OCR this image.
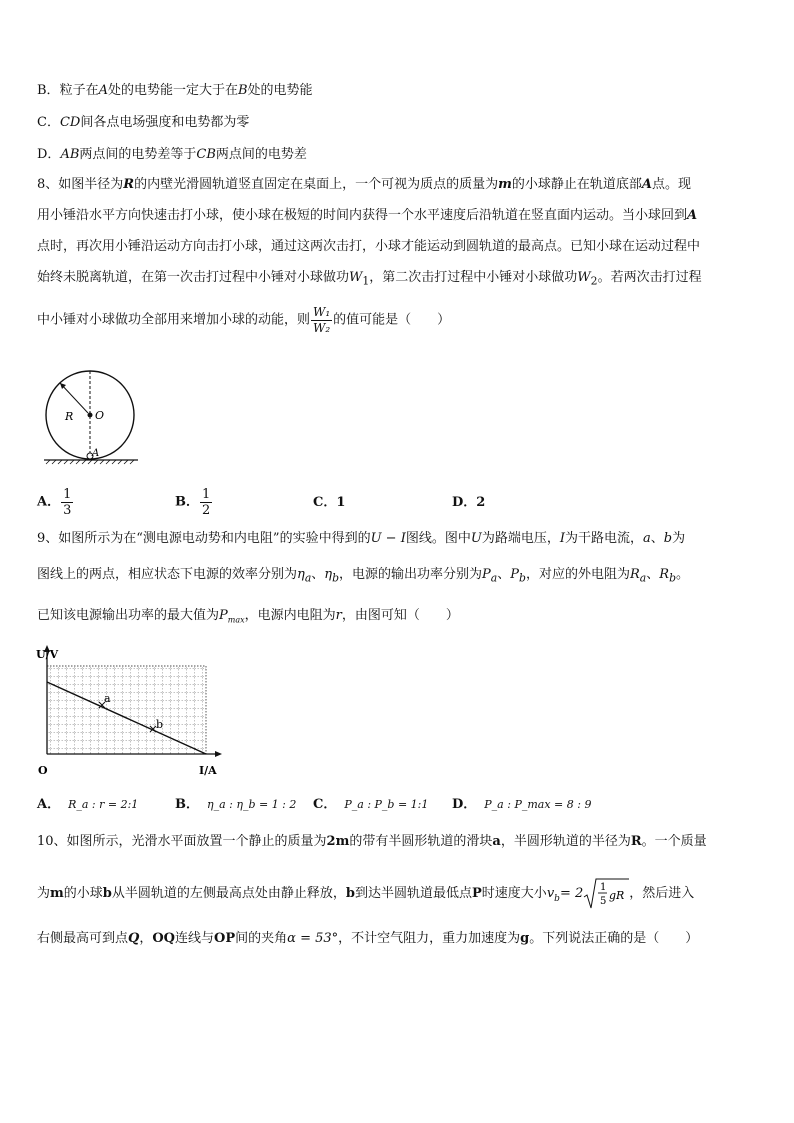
B．粒子在A处的电势能一定大于在B处的电势能
C．CD间各点电场强度和电势都为零
D．AB两点间的电势差等于CB两点间的电势差
8、如图半径为R的内壁光滑圆轨道竖直固定在桌面上，一个可视为质点的质量为m的小球静止在轨道底部A点。现
用小锤沿水平方向快速击打小球，使小球在极短的时间内获得一个水平速度后沿轨道在竖直面内运动。当小球回到A
点时，再次用小锤沿运动方向击打小球，通过这两次击打，小球才能运动到圆轨道的最高点。已知小球在运动过程中
始终未脱离轨道，在第一次击打过程中小锤对小球做功$W_1$，第二次击打过程中小锤对小球做功$W_2$。若两次击打过程
中小锤对小球做功全部用来增加小球的动能，则 $\frac{\text{W₁}}{\text{W₂}}$ 的值可能是（　　）
R O
A
A． $\frac{1}{3}$	B． $\frac{1}{2}$	C．1	D．2
9、如图所示为在“测电源电动势和内电阻”的实验中得到的U − I图线。图中U为路端电压，I为干路电流，a、b为
图线上的两点，相应状态下电源的效率分别为$\eta_a$、$\eta_b$，电源的输出功率分别为$P_a$、$P_b$，对应的外电阻为$R_a$、$R_b$。
已知该电源输出功率的最大值为$P_{max}$，电源内电阻为r，由图可知（　　）
U/V
I/A
O
a
b
A． R_a : r = 2:1	B． η_a : η_b = 1 : 2 C． P_a : P_b = 1:1 D． P_a : P_max = 8 : 9
10、如图所示，光滑水平面放置一个静止的质量为2m的带有半圆形轨道的滑块a，半圆形轨道的半径为R。一个质量
为m的小球b从半圆轨道的左侧最高点处由静止释放，b到达半圆轨道最低点P时速度大小$v_b= 2$ 1
5 gR ，然后进入
右侧最高可到点Q，OQ连线与OP间的夹角α = 53°，不计空气阻力，重力加速度为g。下列说法正确的是（　　）
